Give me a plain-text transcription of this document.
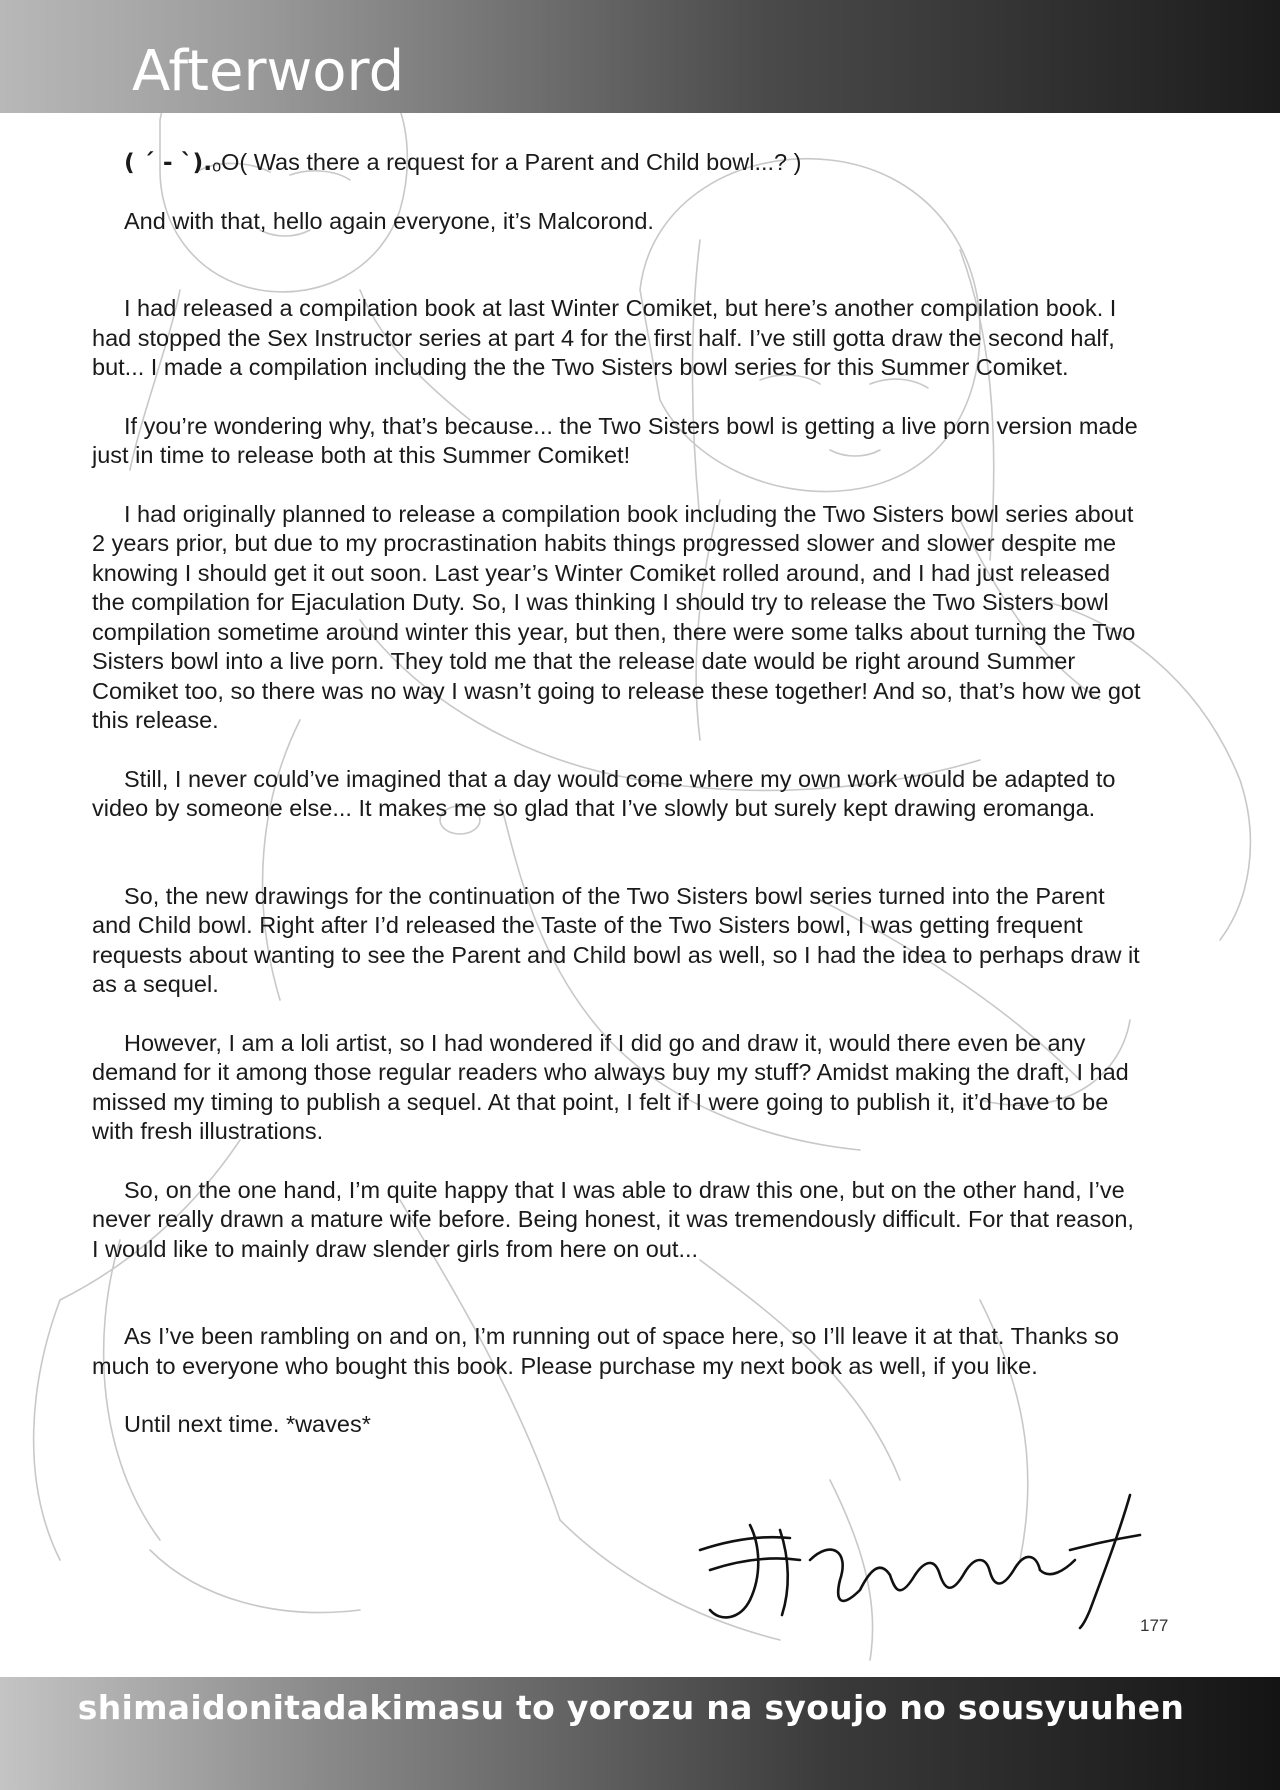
Afterword

( ´ - `).ₒO( Was there a request for a Parent and Child bowl...? )

And with that, hello again everyone, it’s Malcorond.

I had released a compilation book at last Winter Comiket, but here’s another compilation book. I had stopped the Sex Instructor series at part 4 for the first half. I’ve still gotta draw the second half, but... I made a compilation including the the Two Sisters bowl series for this Summer Comiket.

If you’re wondering why, that’s because... the Two Sisters bowl is getting a live porn version made just in time to release both at this Summer Comiket!

I had originally planned to release a compilation book including the Two Sisters bowl series about 2 years prior, but due to my procrastination habits things progressed slower and slower despite me knowing I should get it out soon. Last year’s Winter Comiket rolled around, and I had just released the compilation for Ejaculation Duty. So, I was thinking I should try to release the Two Sisters bowl compilation sometime around winter this year, but then, there were some talks about turning the Two Sisters bowl into a live porn. They told me that the release date would be right around Summer Comiket too, so there was no way I wasn’t going to release these together! And so, that’s how we got this release.

Still, I never could’ve imagined that a day would come where my own work would be adapted to video by someone else... It makes me so glad that I’ve slowly but surely kept drawing eromanga.

So, the new drawings for the continuation of the Two Sisters bowl series turned into the Parent and Child bowl. Right after I’d released the Taste of the Two Sisters bowl, I was getting frequent requests about wanting to see the Parent and Child bowl as well, so I had the idea to perhaps draw it as a sequel.

However, I am a loli artist, so I had wondered if I did go and draw it, would there even be any demand for it among those regular readers who always buy my stuff? Amidst making the draft, I had missed my timing to publish a sequel. At that point, I felt if I were going to publish it, it’d have to be with fresh illustrations.

So, on the one hand, I’m quite happy that I was able to draw this one, but on the other hand, I’ve never really drawn a mature wife before. Being honest, it was tremendously difficult. For that reason, I would like to mainly draw slender girls from here on out...

As I’ve been rambling on and on, I’m running out of space here, so I’ll leave it at that. Thanks so much to everyone who bought this book. Please purchase my next book as well, if you like.

Until next time. *waves*

177
shimaidonitadakimasu to yorozu na syoujo no sousyuuhen
